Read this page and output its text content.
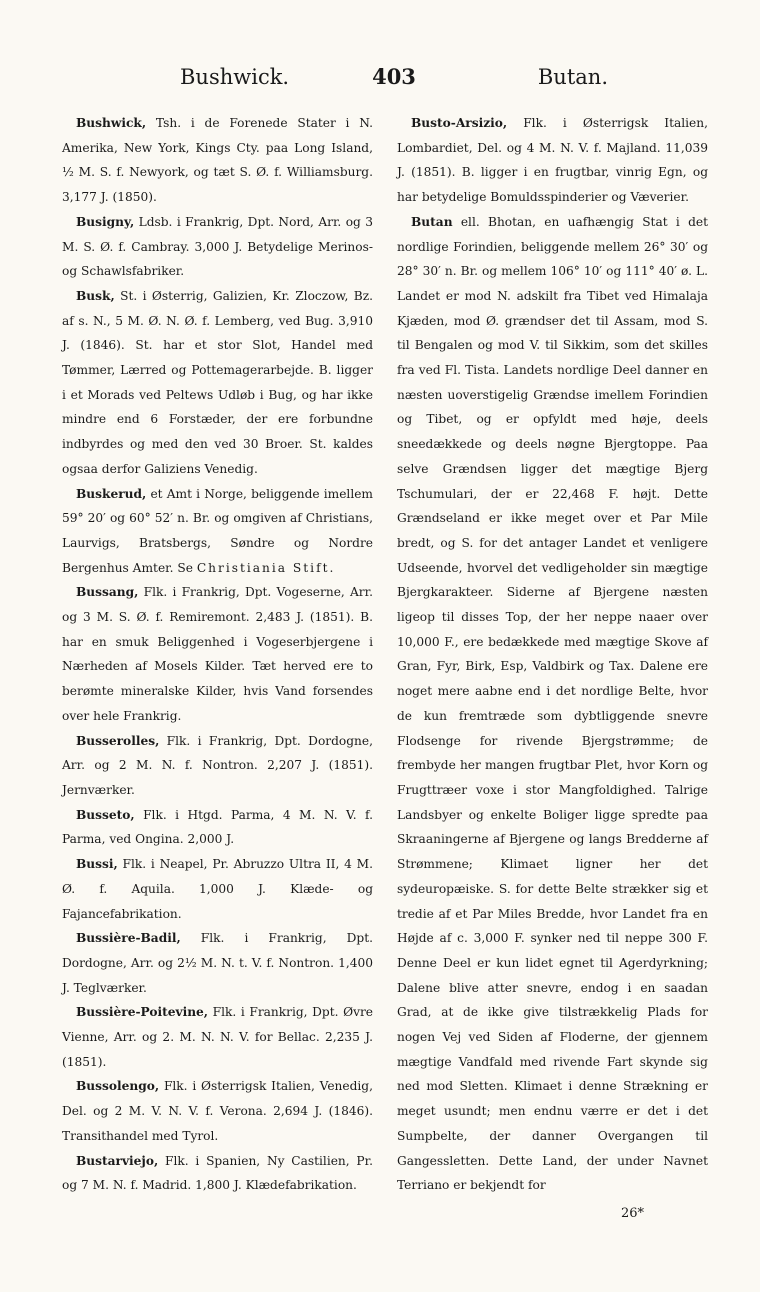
Bushwick.	403	Butan.

Bushwick, Tsh. i de Forenede Stater i N. Amerika, New York, Kings Cty. paa Long Island, ½ M. S. f. Newyork, og tæt S. Ø. f. Williamsburg. 3,177 J. (1850).

Busigny, Ldsb. i Frankrig, Dpt. Nord, Arr. og 3 M. S. Ø. f. Cambray. 3,000 J. Betydelige Merinos- og Schawlsfabriker.

Busk, St. i Østerrig, Galizien, Kr. Zloczow, Bz. af s. N., 5 M. Ø. N. Ø. f. Lemberg, ved Bug. 3,910 J. (1846). St. har et stor Slot, Handel med Tømmer, Lærred og Pottemagerarbejde. B. ligger i et Morads ved Peltews Udløb i Bug, og har ikke mindre end 6 Forstæder, der ere forbundne indbyrdes og med den ved 30 Broer. St. kaldes ogsaa derfor Galiziens Venedig.

Buskerud, et Amt i Norge, beliggende imellem 59° 20′ og 60° 52′ n. Br. og omgiven af Christians, Laurvigs, Bratsbergs, Søndre og Nordre Bergenhus Amter. Se Christiania Stift.

Bussang, Flk. i Frankrig, Dpt. Vogeserne, Arr. og 3 M. S. Ø. f. Remiremont. 2,483 J. (1851). B. har en smuk Beliggenhed i Vogeserbjergene i Nærheden af Mosels Kilder. Tæt herved ere to berømte mineralske Kilder, hvis Vand forsendes over hele Frankrig.

Busserolles, Flk. i Frankrig, Dpt. Dordogne, Arr. og 2 M. N. f. Nontron. 2,207 J. (1851). Jernværker.

Busseto, Flk. i Htgd. Parma, 4 M. N. V. f. Parma, ved Ongina. 2,000 J.

Bussi, Flk. i Neapel, Pr. Abruzzo Ultra II, 4 M. Ø. f. Aquila. 1,000 J. Klæde- og Fajancefabrikation.

Bussière-Badil, Flk. i Frankrig, Dpt. Dordogne, Arr. og 2½ M. N. t. V. f. Nontron. 1,400 J. Teglværker.

Bussière-Poitevine, Flk. i Frankrig, Dpt. Øvre Vienne, Arr. og 2. M. N. N. V. for Bellac. 2,235 J. (1851).

Bussolengo, Flk. i Østerrigsk Italien, Venedig, Del. og 2 M. V. N. V. f. Verona. 2,694 J. (1846). Transithandel med Tyrol.

Bustarviejo, Flk. i Spanien, Ny Castilien, Pr. og 7 M. N. f. Madrid. 1,800 J. Klædefabrikation.

Busto-Arsizio, Flk. i Østerrigsk Italien, Lombardiet, Del. og 4 M. N. V. f. Majland. 11,039 J. (1851). B. ligger i en frugtbar, vinrig Egn, og har betydelige Bomuldsspinderier og Væverier.

Butan ell. Bhotan, en uafhængig Stat i det nordlige Forindien, beliggende mellem 26° 30′ og 28° 30′ n. Br. og mellem 106° 10′ og 111° 40′ ø. L. Landet er mod N. adskilt fra Tibet ved Himalaja Kjæden, mod Ø. grændser det til Assam, mod S. til Bengalen og mod V. til Sikkim, som det skilles fra ved Fl. Tista. Landets nordlige Deel danner en næsten uoverstigelig Grændse imellem Forindien og Tibet, og er opfyldt med høje, deels sneedækkede og deels nøgne Bjergtoppe. Paa selve Grændsen ligger det mægtige Bjerg Tschumulari, der er 22,468 F. højt. Dette Grændseland er ikke meget over et Par Mile bredt, og S. for det antager Landet et venligere Udseende, hvorvel det vedligeholder sin mægtige Bjergkarakteer. Siderne af Bjergene næsten ligeop til disses Top, der her neppe naaer over 10,000 F., ere bedækkede med mægtige Skove af Gran, Fyr, Birk, Esp, Valdbirk og Tax. Dalene ere noget mere aabne end i det nordlige Belte, hvor de kun fremtræde som dybtliggende snevre Flodsenge for rivende Bjergstrømme; de frembyde her mangen frugtbar Plet, hvor Korn og Frugttræer voxe i stor Mangfoldighed. Talrige Landsbyer og enkelte Boliger ligge spredte paa Skraaningerne af Bjergene og langs Bredderne af Strømmene; Klimaet ligner her det sydeuropæiske. S. for dette Belte strækker sig et tredie af et Par Miles Bredde, hvor Landet fra en Højde af c. 3,000 F. synker ned til neppe 300 F. Denne Deel er kun lidet egnet til Agerdyrkning; Dalene blive atter snevre, endog i en saadan Grad, at de ikke give tilstrækkelig Plads for nogen Vej ved Siden af Floderne, der gjennem mægtige Vandfald med rivende Fart skynde sig ned mod Sletten. Klimaet i denne Strækning er meget usundt; men endnu værre er det i det Sumpbelte, der danner Overgangen til Gangessletten. Dette Land, der under Navnet Terriano er bekjendt for

26*
